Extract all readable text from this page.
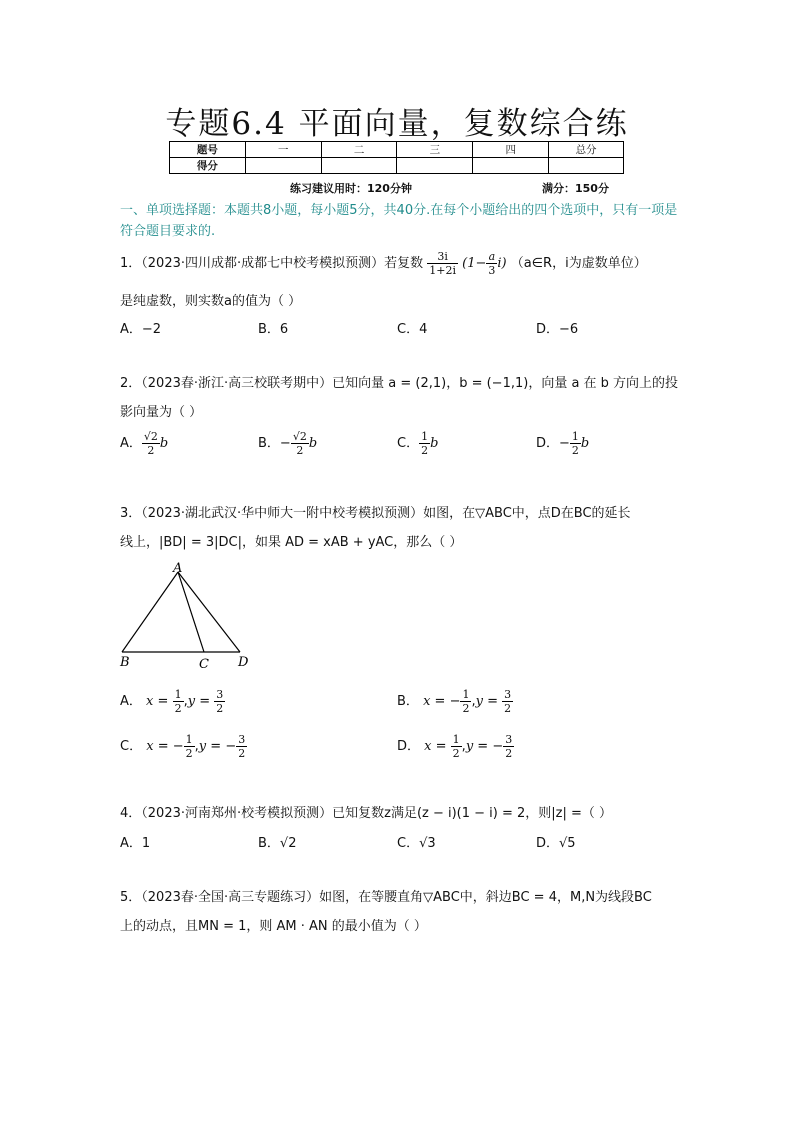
专题6.4 平面向量，复数综合练
题号	一	二	三	四	总分
得分					
练习建议用时：120分钟	满分：150分
一、单项选择题：本题共8小题，每小题5分，共40分.在每个小题给出的四个选项中，只有一项是符合题目要求的.
1．（2023·四川成都·成都七中校考模拟预测）若复数 $\frac{3i}{1+2i} (1- \frac{a}{3} i)$ （a∈R，i为虚数单位）
是纯虚数，则实数a的值为（ ）
A．−2	B．6	C．4	D．−6
2．（2023春·浙江·高三校联考期中）已知向量 a = (2,1)，b = (−1,1)，向量 a 在 b 方向上的投
影向量为（ ）
A． $\frac{√2}{2}$ b	B．− $\frac{√2}{2}$ b	C． $\frac{1}{2}$ b	D．− $\frac{1}{2}$ b
3．（2023·湖北武汉·华中师大一附中校考模拟预测）如图，在▽ABC中，点D在BC的延长
线上，|BD| = 3|DC|，如果 AD = xAB + yAC，那么（ ）
A
B	C D
A． $x = \frac{1}{2} ,y = \frac{3}{2}$	B． x = − $\frac{1}{2} ,y = \frac{3}{2}$
C． x = − $\frac{1}{2} ,y$ = − $\frac{3}{2}$	D． $x = \frac{1}{2} ,y$ = − $\frac{3}{2}$
4．（2023·河南郑州·校考模拟预测）已知复数z满足(z − i)(1 − i) = 2，则|z| =（ ）
A．1	B．√2	C．√3	D．√5
5．（2023春·全国·高三专题练习）如图，在等腰直角▽ABC中，斜边BC = 4，M,N为线段BC
上的动点，且MN = 1，则 AM · AN 的最小值为（ ）
